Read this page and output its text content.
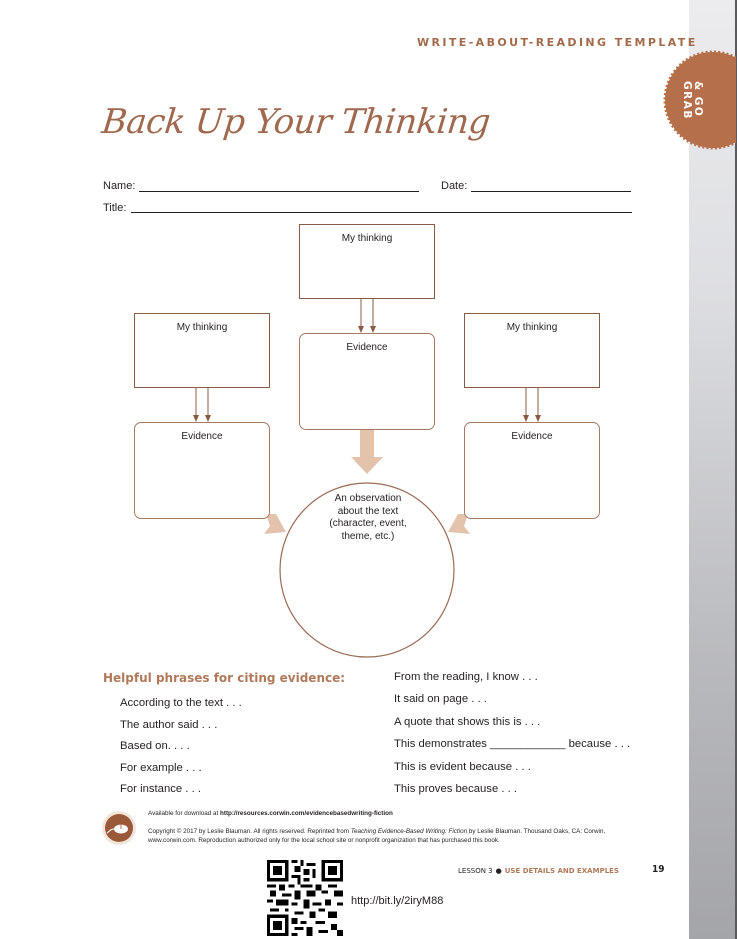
WRITE-ABOUT-READING TEMPLATE
GRAB & GO
Back Up Your Thinking
Name:	Date:
Title:
My thinking
Evidence
My thinking
Evidence
My thinking
Evidence
An observation
about the text
(character, event,
theme, etc.)
Helpful phrases for citing evidence:
According to the text . . .
The author said . . .
Based on. . . .
For example . . .
For instance . . .
From the reading, I know . . .
It said on page . . .
A quote that shows this is . . .
This demonstrates ____________ because . . .
This is evident because . . .
This proves because . . .
Available for download at http://resources.corwin.com/evidencebasedwriting-fiction
Copyright © 2017 by Leslie Blauman. All rights reserved. Reprinted from Teaching Evidence-Based Writing: Fiction by Leslie Blauman. Thousand Oaks, CA: Corwin, www.corwin.com. Reproduction authorized only for the local school site or nonprofit organization that has purchased this book.
LESSON 3 ● USE DETAILS AND EXAMPLES	19
http://bit.ly/2iryM88
